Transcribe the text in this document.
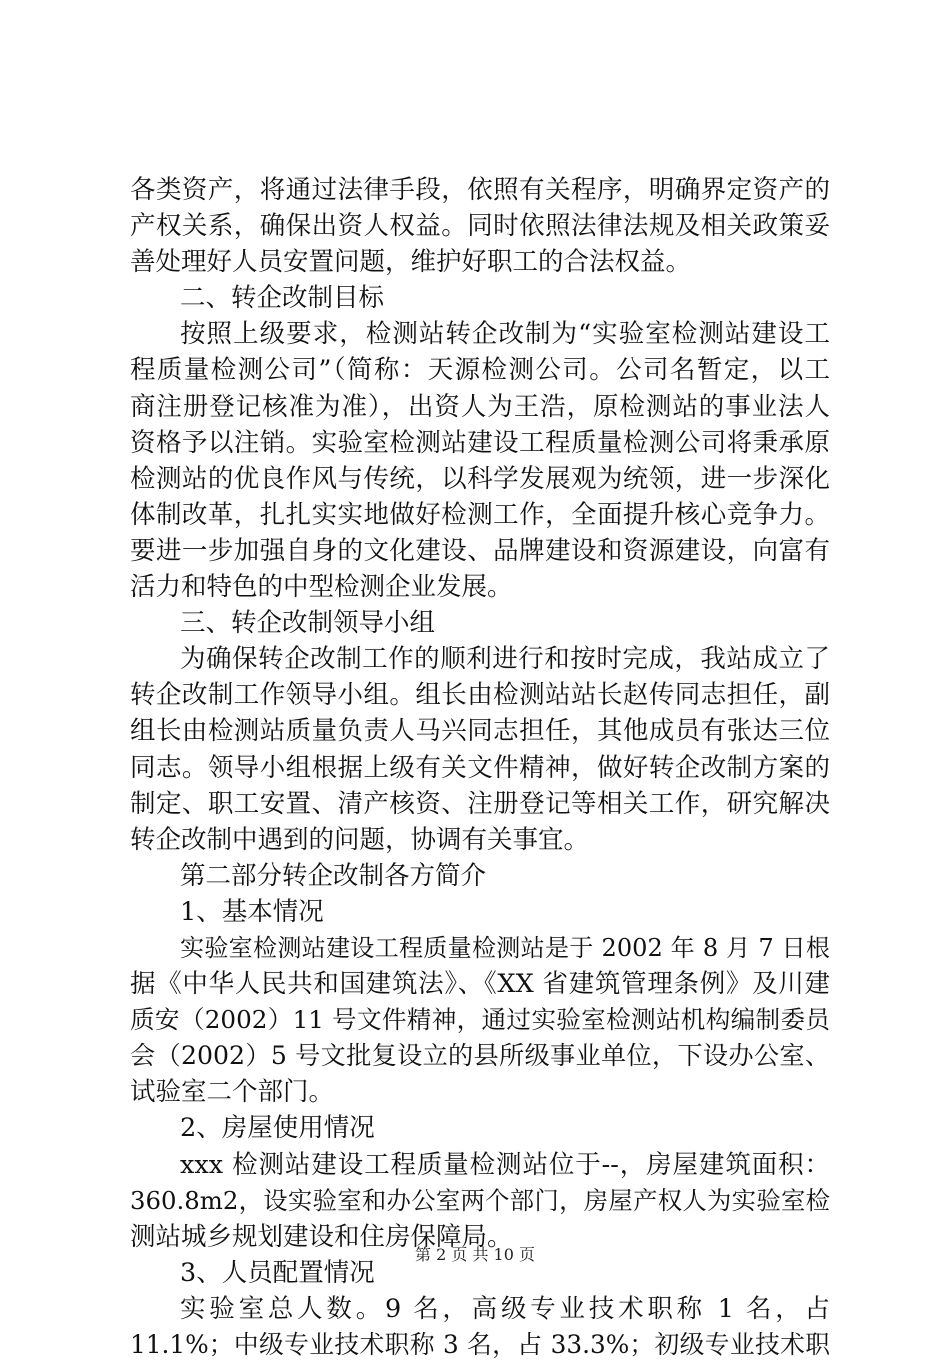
各类资产，将通过法律手段，依照有关程序，明确界定资产的
产权关系，确保出资人权益。同时依照法律法规及相关政策妥
善处理好人员安置问题，维护好职工的合法权益。
二、转企改制目标
按照上级要求，检测站转企改制为“实验室检测站建设工
程质量检测公司”（简称：天源检测公司。公司名暂定，以工
商注册登记核准为准），出资人为王浩，原检测站的事业法人
资格予以注销。实验室检测站建设工程质量检测公司将秉承原
检测站的优良作风与传统，以科学发展观为统领，进一步深化
体制改革，扎扎实实地做好检测工作，全面提升核心竞争力。
要进一步加强自身的文化建设、品牌建设和资源建设，向富有
活力和特色的中型检测企业发展。
三、转企改制领导小组
为确保转企改制工作的顺利进行和按时完成，我站成立了
转企改制工作领导小组。组长由检测站站长赵传同志担任，副
组长由检测站质量负责人马兴同志担任，其他成员有张达三位
同志。领导小组根据上级有关文件精神，做好转企改制方案的
制定、职工安置、清产核资、注册登记等相关工作，研究解决
转企改制中遇到的问题，协调有关事宜。
第二部分转企改制各方简介
1、基本情况
实验室检测站建设工程质量检测站是于 2002 年 8 月 7 日根
据《中华人民共和国建筑法》、《XX 省建筑管理条例》及川建
质安（2002）11 号文件精神，通过实验室检测站机构编制委员
会（2002）5 号文批复设立的县所级事业单位，下设办公室、
试验室二个部门。
2、房屋使用情况
xxx 检测站建设工程质量检测站位于--，房屋建筑面积：
360.8m2，设实验室和办公室两个部门，房屋产权人为实验室检
测站城乡规划建设和住房保障局。
3、人员配置情况
实验室总人数。9 名，高级专业技术职称 1 名，占
11.1%；中级专业技术职称 3 名，占 33.3%；初级专业技术职
第 2 页 共 10 页
